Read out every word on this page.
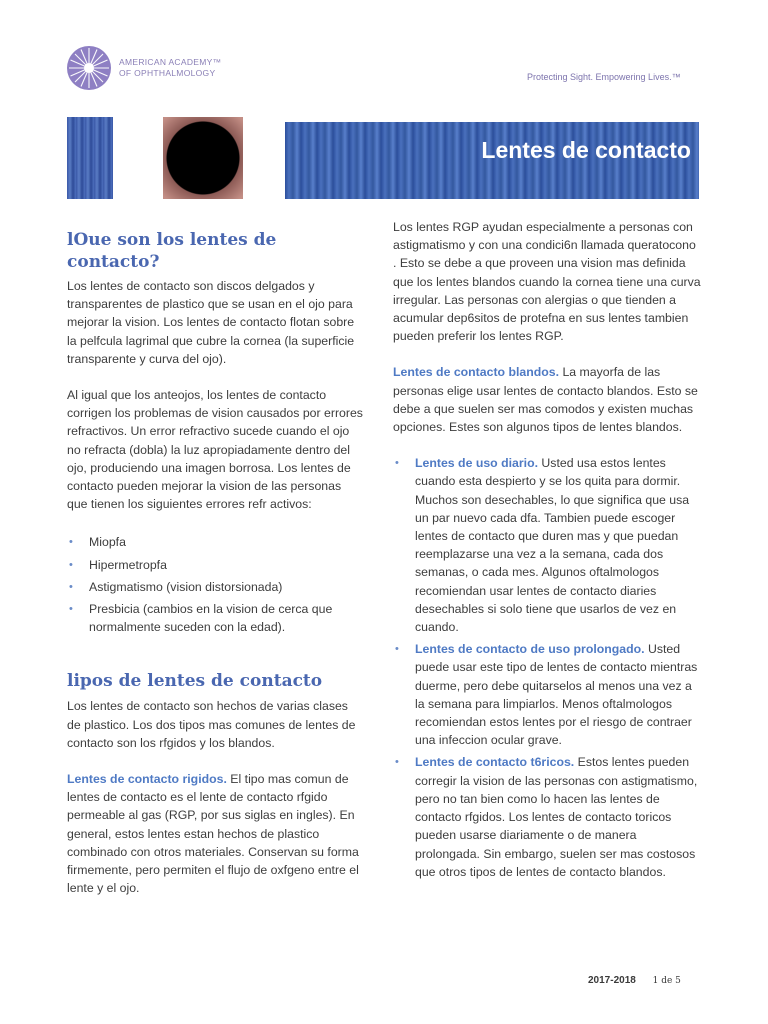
AMERICAN ACADEMY™
OF OPHTHALMOLOGY	Protecting Sight. Empowering Lives.™
Lentes de contacto
lOue son los lentes de contacto?

Los lentes de contacto son discos delgados y transparentes de plastico que se usan en el ojo para mejorar la vision. Los lentes de contacto flotan sobre la pelfcula lagrimal que cubre la cornea (la superficie transparente y curva del ojo).

Al igual que los anteojos, los lentes de contacto corrigen los problemas de vision causados por errores refractivos. Un error refractivo sucede cuando el ojo no refracta (dobla) la luz apropiadamente dentro del ojo, produciendo una imagen borrosa. Los lentes de contacto pueden mejorar la vision de las personas que tienen los siguientes errores refr activos:

• Miopfa
• Hipermetropfa
• Astigmatismo (vision distorsionada)
• Presbicia (cambios en la vision de cerca que normalmente suceden con la edad).
lipos de lentes de contacto

Los lentes de contacto son hechos de varias clases de plastico. Los dos tipos mas comunes de lentes de contacto son los rfgidos y los blandos.

Lentes de contacto rigidos. El tipo mas comun de lentes de contacto es el lente de contacto rfgido permeable al gas (RGP, por sus siglas en ingles). En general, estos lentes estan hechos de plastico combinado con otros materiales. Conservan su forma firmemente, pero permiten el flujo de oxfgeno entre el lente y el ojo.

Los lentes RGP ayudan especialmente a personas con astigmatismo y con una condici6n llamada queratocono . Esto se debe a que proveen una vision mas definida que los lentes blandos cuando la cornea tiene una curva irregular. Las personas con alergias o que tienden a acumular dep6sitos de protefna en sus lentes tambien pueden preferir los lentes RGP.

Lentes de contacto blandos. La mayorfa de las personas elige usar lentes de contacto blandos. Esto se debe a que suelen ser mas comodos y existen muchas opciones. Estes son algunos tipos de lentes blandos.

• Lentes de uso diario. Usted usa estos lentes cuando esta despierto y se los quita para dormir. Muchos son desechables, lo que significa que usa un par nuevo cada dfa. Tambien puede escoger lentes de contacto que duren mas y que puedan reemplazarse una vez a la semana, cada dos semanas, o cada mes. Algunos oftalmologos recomiendan usar lentes de contacto diaries desechables si solo tiene que usarlos de vez en cuando.
• Lentes de contacto de uso prolongado. Usted puede usar este tipo de lentes de contacto mientras duerme, pero debe quitarselos al menos una vez a la semana para limpiarlos. Menos oftalmologos recomiendan estos lentes por el riesgo de contraer una infeccion ocular grave.
• Lentes de contacto t6ricos. Estos lentes pueden corregir la vision de las personas con astigmatismo, pero no tan bien como lo hacen las lentes de contacto rfgidos. Los lentes de contacto toricos pueden usarse diariamente o de manera prolongada. Sin embargo, suelen ser mas costosos que otros tipos de lentes de contacto blandos.
2017-2018 1 de 5
